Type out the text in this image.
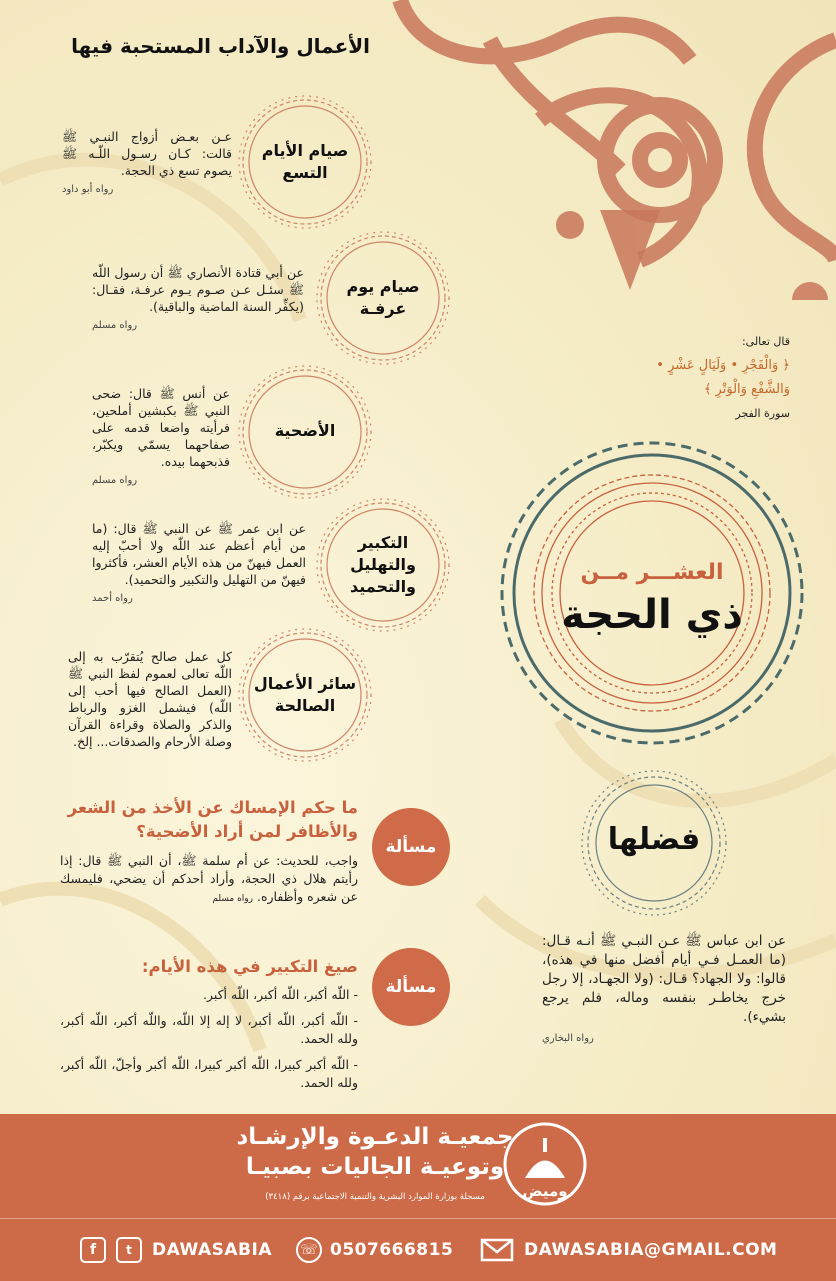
الأعمال والآداب المستحبة فيها
صيام الأيام التسع
عـن بعـض أزواج النبـي ﷺ قالت: كـان رسـول اللّـه ﷺ يصوم تسع ذي الحجة.
رواه أبو داود
صيام يوم عرفـة
عن أبي قتادة الأنصاري ﷺ أن رسول اللّه ﷺ سئـل عـن صـوم يـوم عرفـة، فقـال: (يكفِّر السنة الماضية والباقية).
رواه مسلم
الأضحية
عن أنس ﷺ قال: ضحى النبي ﷺ بكبشين أملحين، فرأيته واضعا قدمه على صفاحهما يسمّي ويكبّر، فذبحهما بيده.
رواه مسلم
التكبير والتهليل والتحميد
عن ابن عمر ﷺ عن النبي ﷺ قال: (ما من أيام أعظم عند اللّه ولا أحبّ إليه العمل فيهنّ من هذه الأيام العشر، فأكثروا فيهنّ من التهليل والتكبير والتحميد).
رواه أحمد
سائر الأعمال الصالحة
كل عمل صالح يُتقرّب به إلى اللّه تعالى لعموم لفظ النبي ﷺ (العمل الصالح فيها أحب إلى اللّه) فيشمل الغزو والرباط والذكر والصلاة وقراءة القرآن وصلة الأرحام والصدقات... إلخ.
قال تعالى:
﴿ وَالْفَجْرِ • وَلَيَالٍ عَشْرٍ •
وَالشَّفْعِ وَالْوَتْرِ ﴾
سورة الفجر
العشـــر مــن
ذي الحجة
فضلها
عن ابن عباس ﷺ عـن النبـي ﷺ أنـه قـال: (ما العمـل فـي أيام أفضل منها في هذه)، قالوا: ولا الجهاد؟ قـال: (ولا الجهـاد، إلا رجل خرج يخاطـر بنفسه وماله، فلم يرجع بشيء).
رواه البخاري
مسألة
ما حكم الإمساك عن الأخذ من الشعر والأظافر لمن أراد الأضحية؟
واجب، للحديث: عن أم سلمة ﷺ، أن النبي ﷺ قال: إذا رأيتم هلال ذي الحجة، وأراد أحدكم أن يضحي، فليمسك عن شعره وأظفاره. رواه مسلم
مسألة
صيغ التكبير في هذه الأيام:
- اللّه أكبر، اللّه أكبر، اللّه أكبر.
- اللّه أكبر، اللّه أكبر، لا إله إلا اللّه، واللّه أكبر، اللّه أكبر، ولله الحمد.
- اللّه أكبر كبيرا، اللّه أكبر كبيرا، اللّه أكبر وأجلّ، اللّه أكبر، ولله الحمد.
جمعيـة الدعـوة والإرشـاد
وتوعيـة الجاليات بصبيـا
مسجلة بوزارة الموارد البشرية والتنمية الاجتماعية برقم (٣٤١٨)	وميض
f	t	DAWASABIA	☏ 0507666815	DAWASABIA@GMAIL.COM
